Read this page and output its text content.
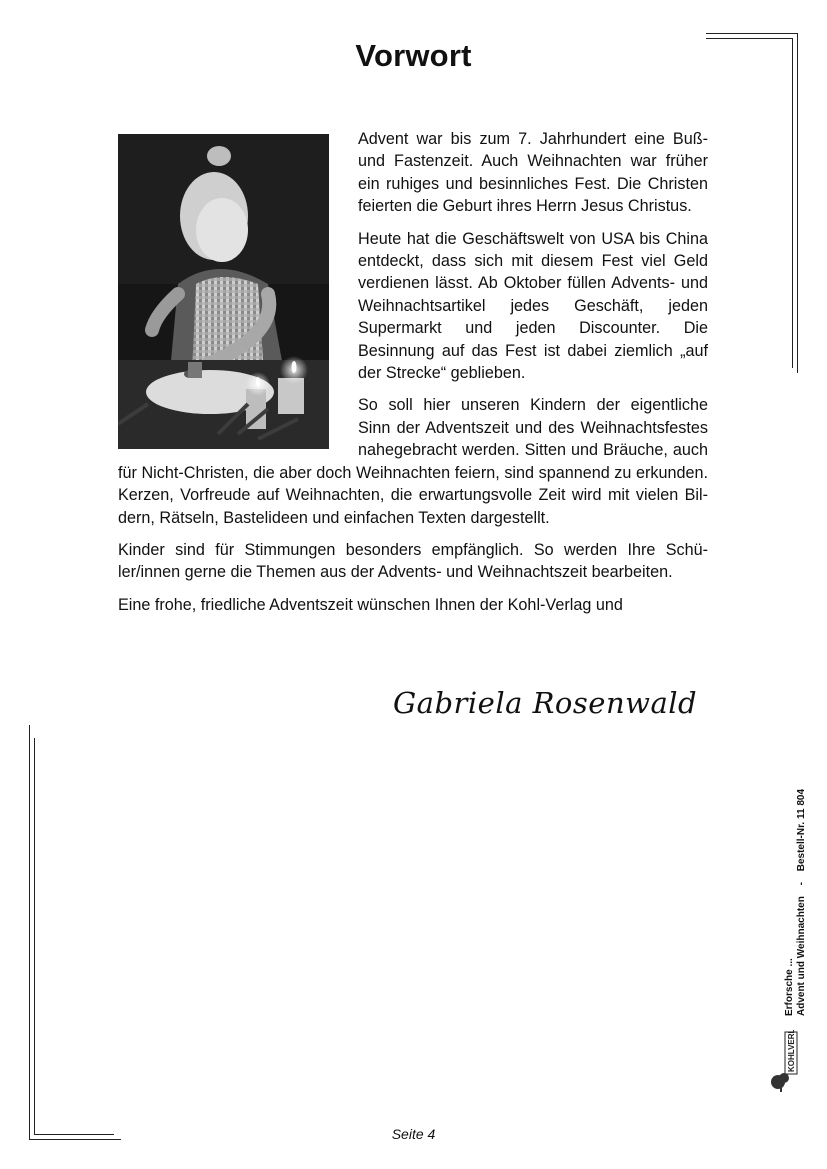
Vorwort

Advent war bis zum 7. Jahrhundert eine Buß- und Fastenzeit. Auch Weihnachten war früher ein ruhiges und besinnliches Fest. Die Christen feierten die Geburt ihres Herrn Jesus Christus.

Heute hat die Geschäftswelt von USA bis China entdeckt, dass sich mit diesem Fest viel Geld verdienen lässt. Ab Oktober füllen Advents- und Weihnachtsartikel jedes Geschäft, jeden Supermarkt und jeden Discounter. Die Besinnung auf das Fest ist dabei ziemlich „auf der Strecke“ geblieben.

So soll hier unseren Kindern der eigentliche Sinn der Adventszeit und des Weihnachtsfestes nahegebracht werden. Sitten und Bräuche, auch für Nicht-Christen, die aber doch Weihnachten feiern, sind spannend zu erkunden. Kerzen, Vorfreude auf Weihnachten, die erwartungsvolle Zeit wird mit vielen Bildern, Rätseln, Bastelideen und einfachen Texten dargestellt.

Kinder sind für Stimmungen besonders empfänglich. So werden Ihre Schüler/innen gerne die Themen aus der Advents- und Weihnachtszeit bearbeiten.

Eine frohe, friedliche Adventszeit wünschen Ihnen der Kohl-Verlag und

Gabriela Rosenwald
Seite 4
Erforsche ... Advent und Weihnachten - Bestell-Nr. 11 804
KOHLVERLAG
